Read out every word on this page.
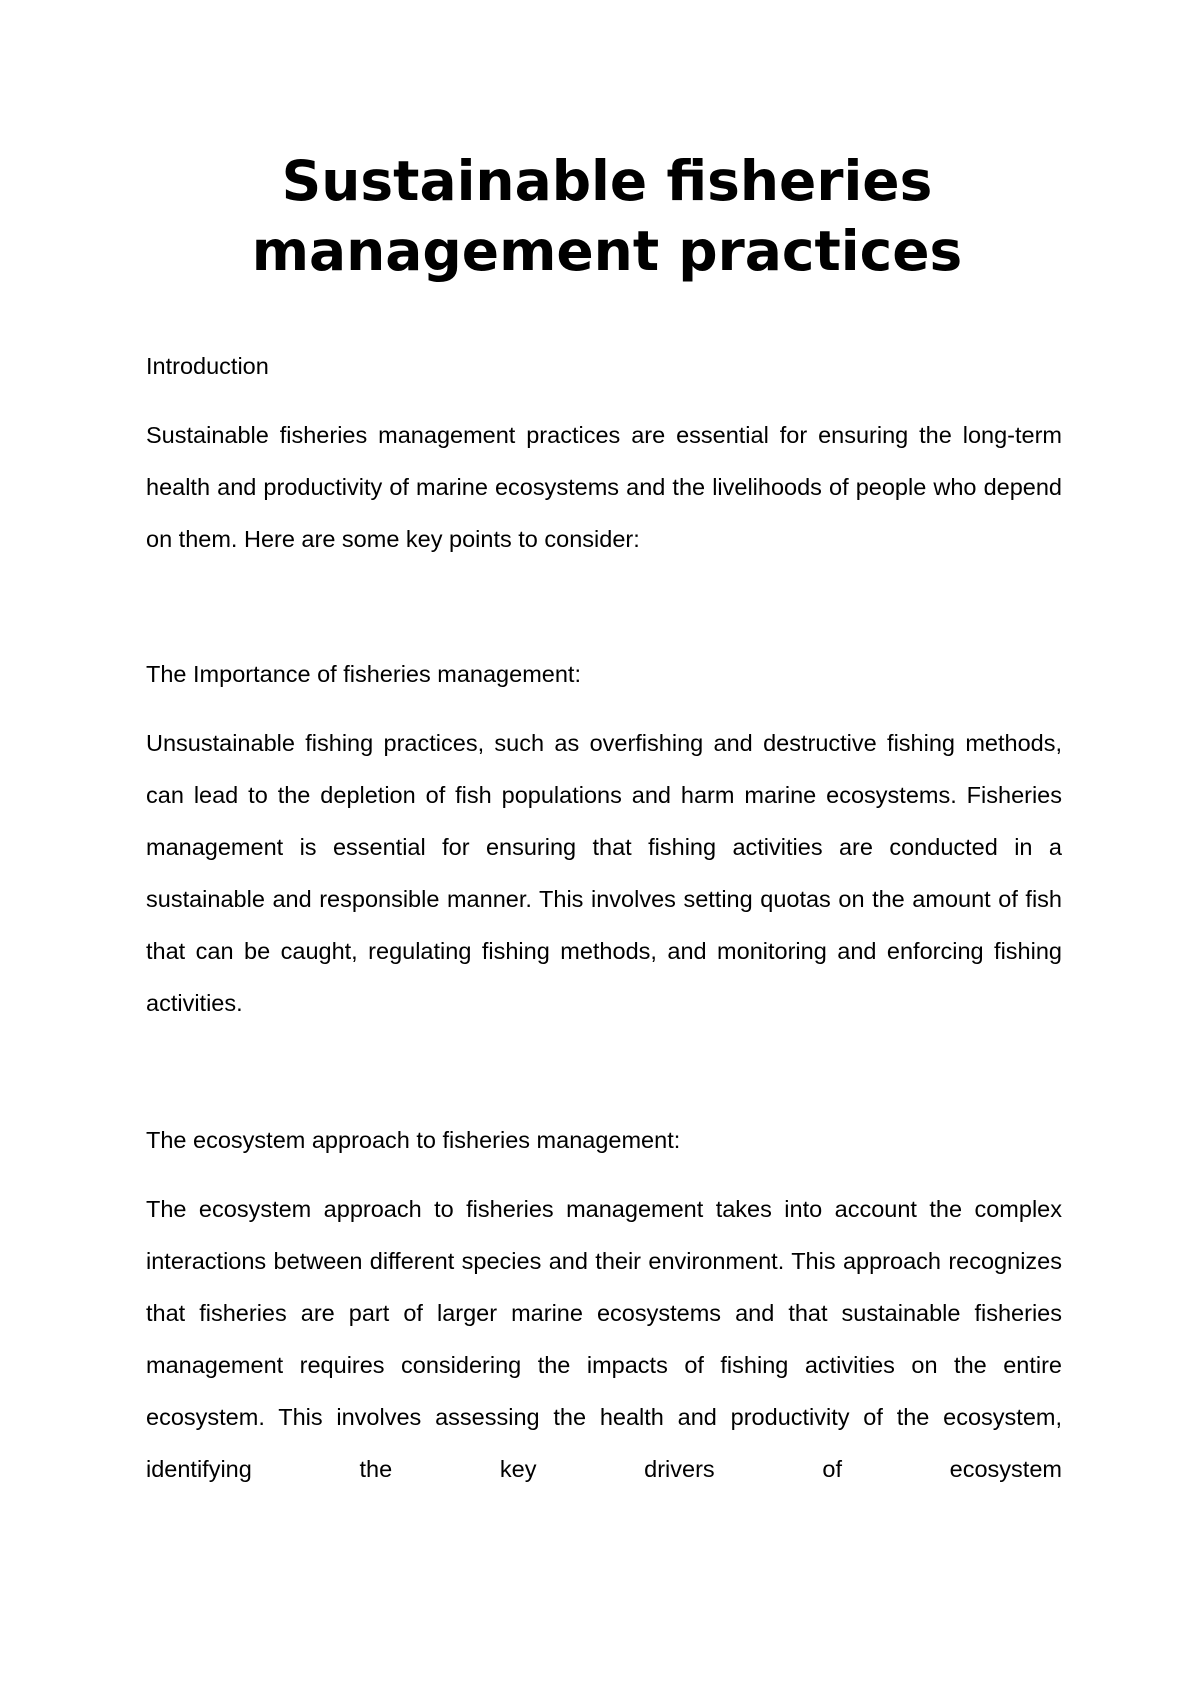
Sustainable fisheries management practices
Introduction

Sustainable fisheries management practices are essential for ensuring the long-term health and productivity of marine ecosystems and the livelihoods of people who depend on them. Here are some key points to consider:

The Importance of fisheries management:

Unsustainable fishing practices, such as overfishing and destructive fishing methods, can lead to the depletion of fish populations and harm marine ecosystems. Fisheries management is essential for ensuring that fishing activities are conducted in a sustainable and responsible manner. This involves setting quotas on the amount of fish that can be caught, regulating fishing methods, and monitoring and enforcing fishing activities.

The ecosystem approach to fisheries management:

The ecosystem approach to fisheries management takes into account the complex interactions between different species and their environment. This approach recognizes that fisheries are part of larger marine ecosystems and that sustainable fisheries management requires considering the impacts of fishing activities on the entire ecosystem. This involves assessing the health and productivity of the ecosystem, identifying the key drivers of ecosystem
